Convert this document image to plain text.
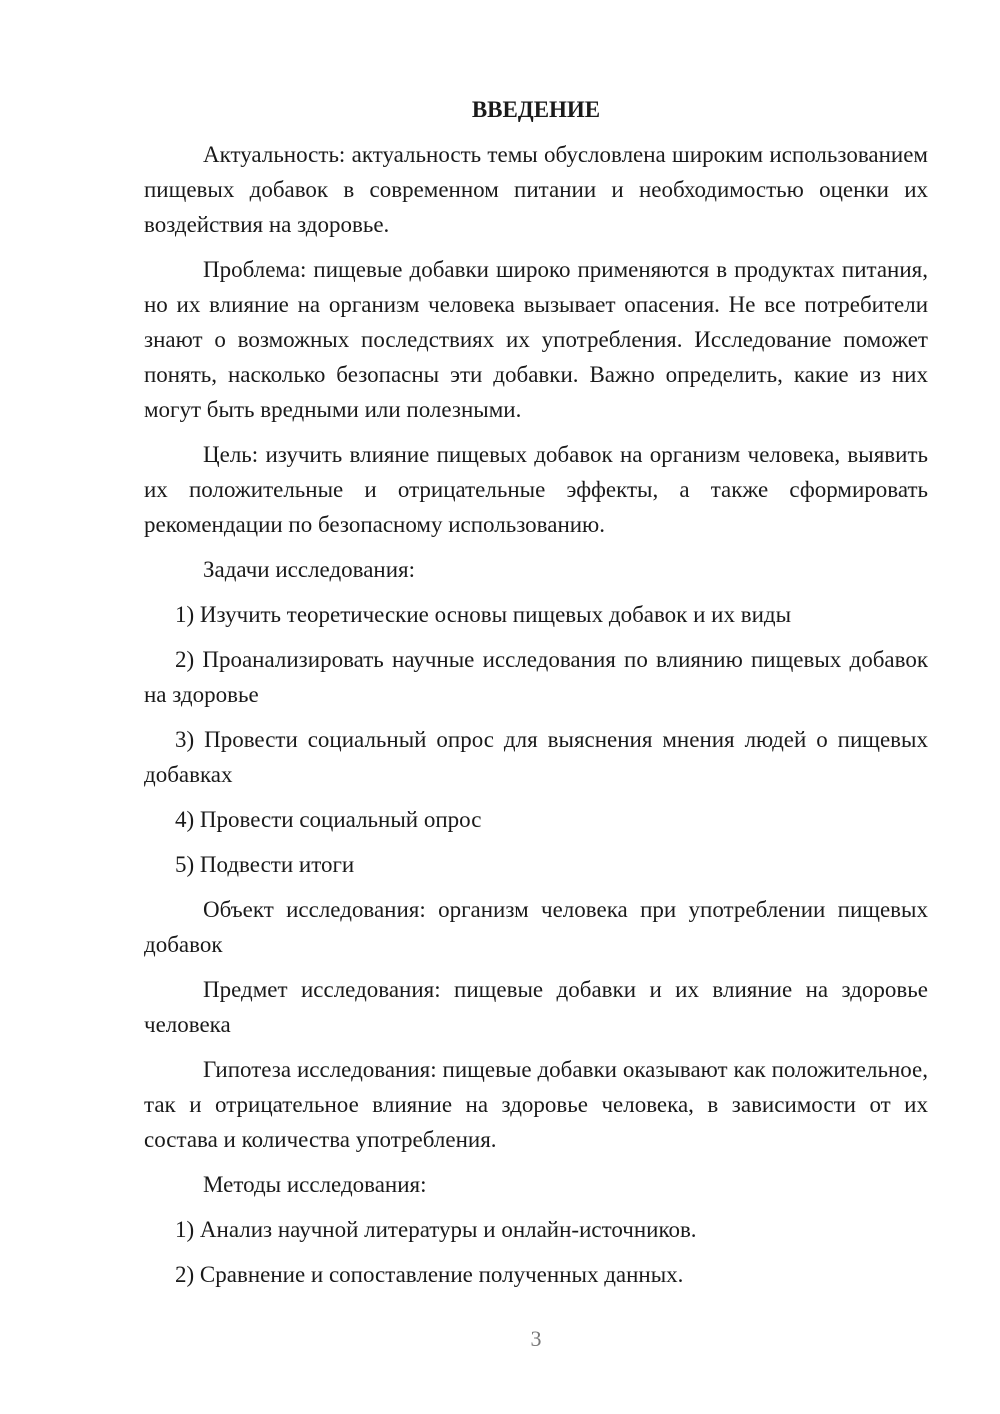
ВВЕДЕНИЕ

Актуальность: актуальность темы обусловлена широким использованием пищевых добавок в современном питании и необходимостью оценки их воздействия на здоровье.

Проблема: пищевые добавки широко применяются в продуктах питания, но их влияние на организм человека вызывает опасения. Не все потребители знают о возможных последствиях их употребления. Исследование поможет понять, насколько безопасны эти добавки. Важно определить, какие из них могут быть вредными или полезными.

Цель: изучить влияние пищевых добавок на организм человека, выявить их положительные и отрицательные эффекты, а также сформировать рекомендации по безопасному использованию.

Задачи исследования:

1) Изучить теоретические основы пищевых добавок и их виды

2) Проанализировать научные исследования по влиянию пищевых добавок на здоровье

3) Провести социальный опрос для выяснения мнения людей о пищевых добавках

4) Провести социальный опрос

5) Подвести итоги

Объект исследования: организм человека при употреблении пищевых добавок

Предмет исследования: пищевые добавки и их влияние на здоровье человека

Гипотеза исследования: пищевые добавки оказывают как положительное, так и отрицательное влияние на здоровье человека, в зависимости от их состава и количества употребления.

Методы исследования:

1) Анализ научной литературы и онлайн-источников.

2) Сравнение и сопоставление полученных данных.

3
